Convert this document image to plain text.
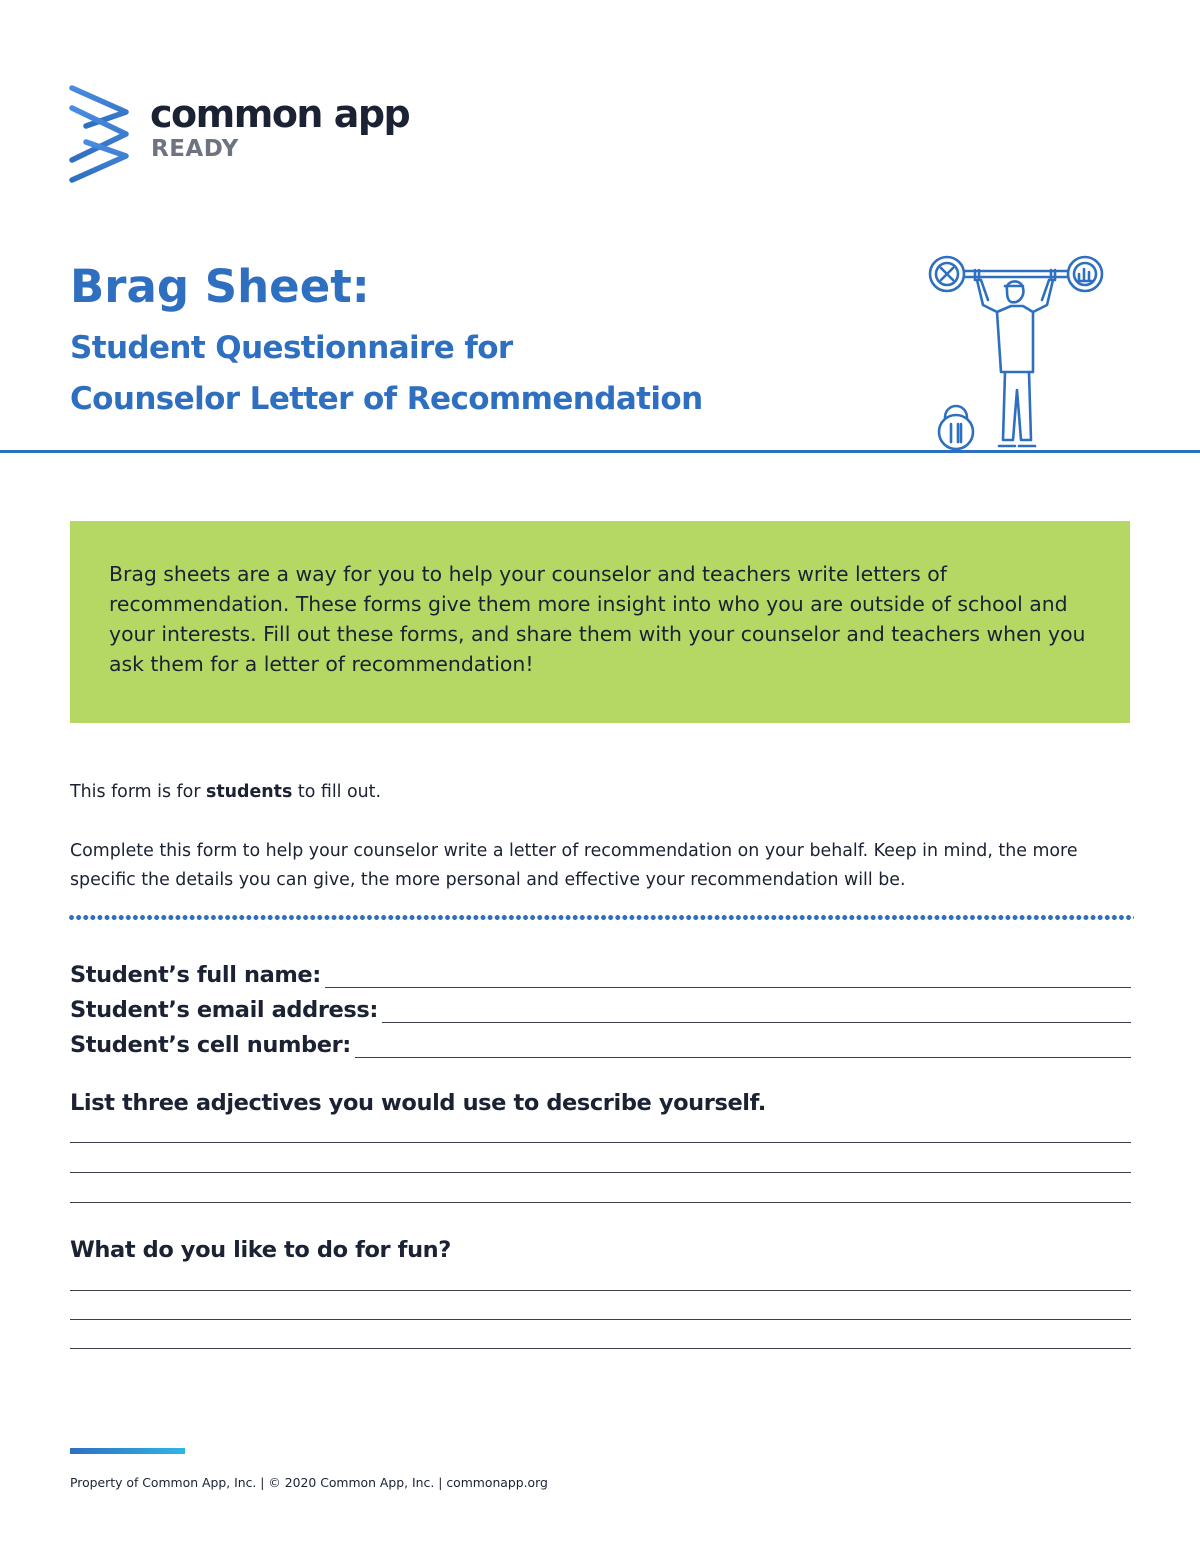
common app
READY
Brag Sheet:
Student Questionnaire for
Counselor Letter of Recommendation

Brag sheets are a way for you to help your counselor and teachers write letters of recommendation. These forms give them more insight into who you are outside of school and your interests. Fill out these forms, and share them with your counselor and teachers when you ask them for a letter of recommendation!

This form is for students to fill out.

Complete this form to help your counselor write a letter of recommendation on your behalf. Keep in mind, the more specific the details you can give, the more personal and effective your recommendation will be.

Student’s full name:
Student’s email address:
Student’s cell number:

List three adjectives you would use to describe yourself.

What do you like to do for fun?

Property of Common App, Inc. | © 2020 Common App, Inc. | commonapp.org
